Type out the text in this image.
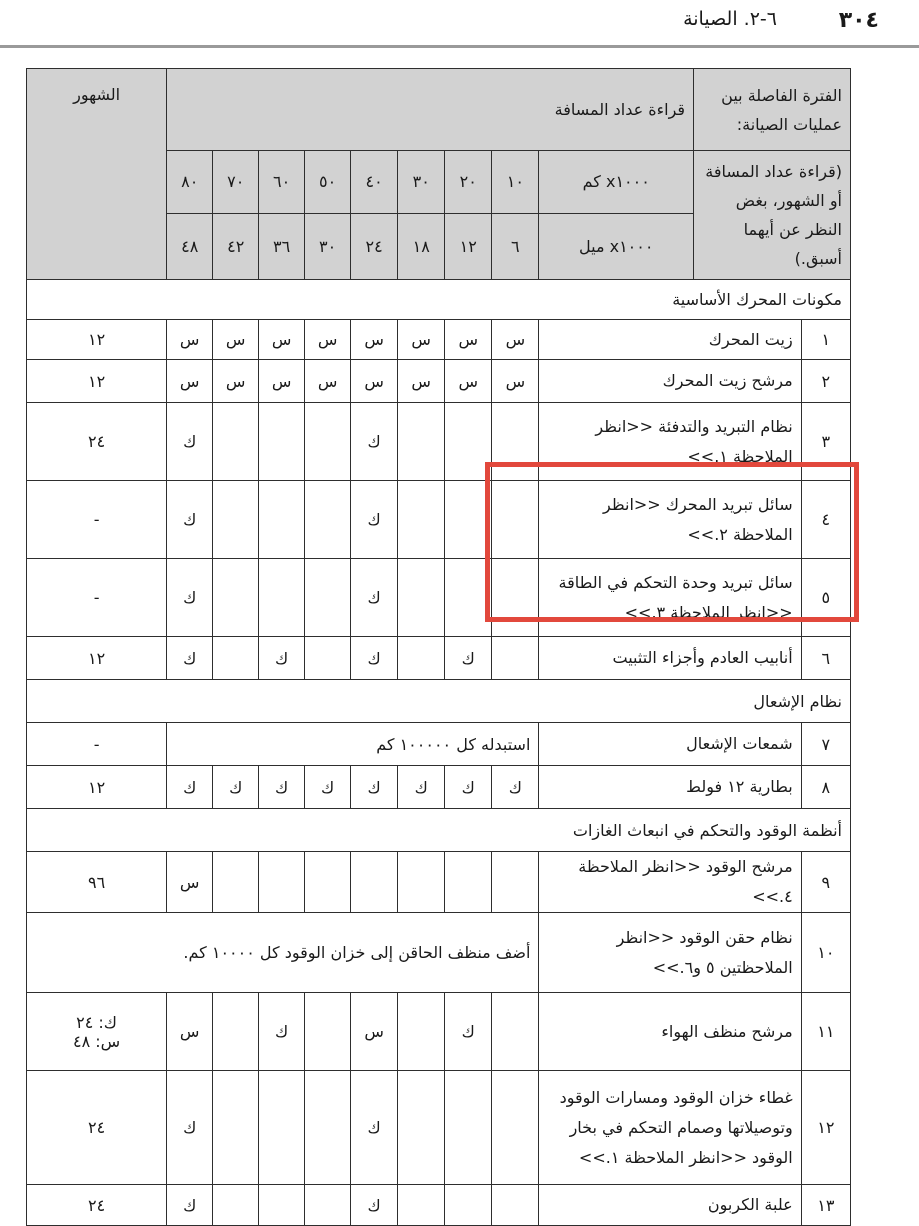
٣٠٤
٦-٢. الصيانة
الفترة الفاصلة بين عمليات الصيانة:		قراءة عداد المسافة									الشهور
(قراءة عداد المسافة أو الشهور، بغض النظر عن أيهما أسبق.)		x١٠٠٠ كم	١٠	٢٠	٣٠	٤٠	٥٠	٦٠	٧٠	٨٠	
		x١٠٠٠ ميل	٦	١٢	١٨	٢٤	٣٠	٣٦	٤٢	٤٨	
مكونات المحرك الأساسية											
١	زيت المحرك		س	س	س	س	س	س	س	س	١٢
٢	مرشح زيت المحرك		س	س	س	س	س	س	س	س	١٢
٣	نظام التبريد والتدفئة <<انظر الملاحظة ١.>>					ك				ك	٢٤
٤	سائل تبريد المحرك <<انظر الملاحظة ٢.>>					ك				ك	-
٥	سائل تبريد وحدة التحكم في الطاقة <<انظر الملاحظة ٣.>>					ك				ك	-
٦	أنابيب العادم وأجزاء التثبيت			ك		ك		ك		ك	١٢
نظام الإشعال											
٧	شمعات الإشعال		استبدله كل ١٠٠٠٠٠ كم								-
٨	بطارية ١٢ فولط		ك	ك	ك	ك	ك	ك	ك	ك	١٢
أنظمة الوقود والتحكم في انبعاث الغازات											
٩	مرشح الوقود <<انظر الملاحظة ٤.>>									س	٩٦
١٠	نظام حقن الوقود <<انظر الملاحظتين ٥ و٦.>>		أضف منظف الحاقن إلى خزان الوقود كل ١٠٠٠٠ كم.								
١١	مرشح منظف الهواء			ك		س		ك		س	ك: ٢٤
س: ٤٨

١٢	غطاء خزان الوقود ومسارات الوقود وتوصيلاتها وصمام التحكم في بخار الوقود <<انظر الملاحظة ١.>>					ك				ك	٢٤
١٣	علبة الكربون					ك				ك	٢٤
